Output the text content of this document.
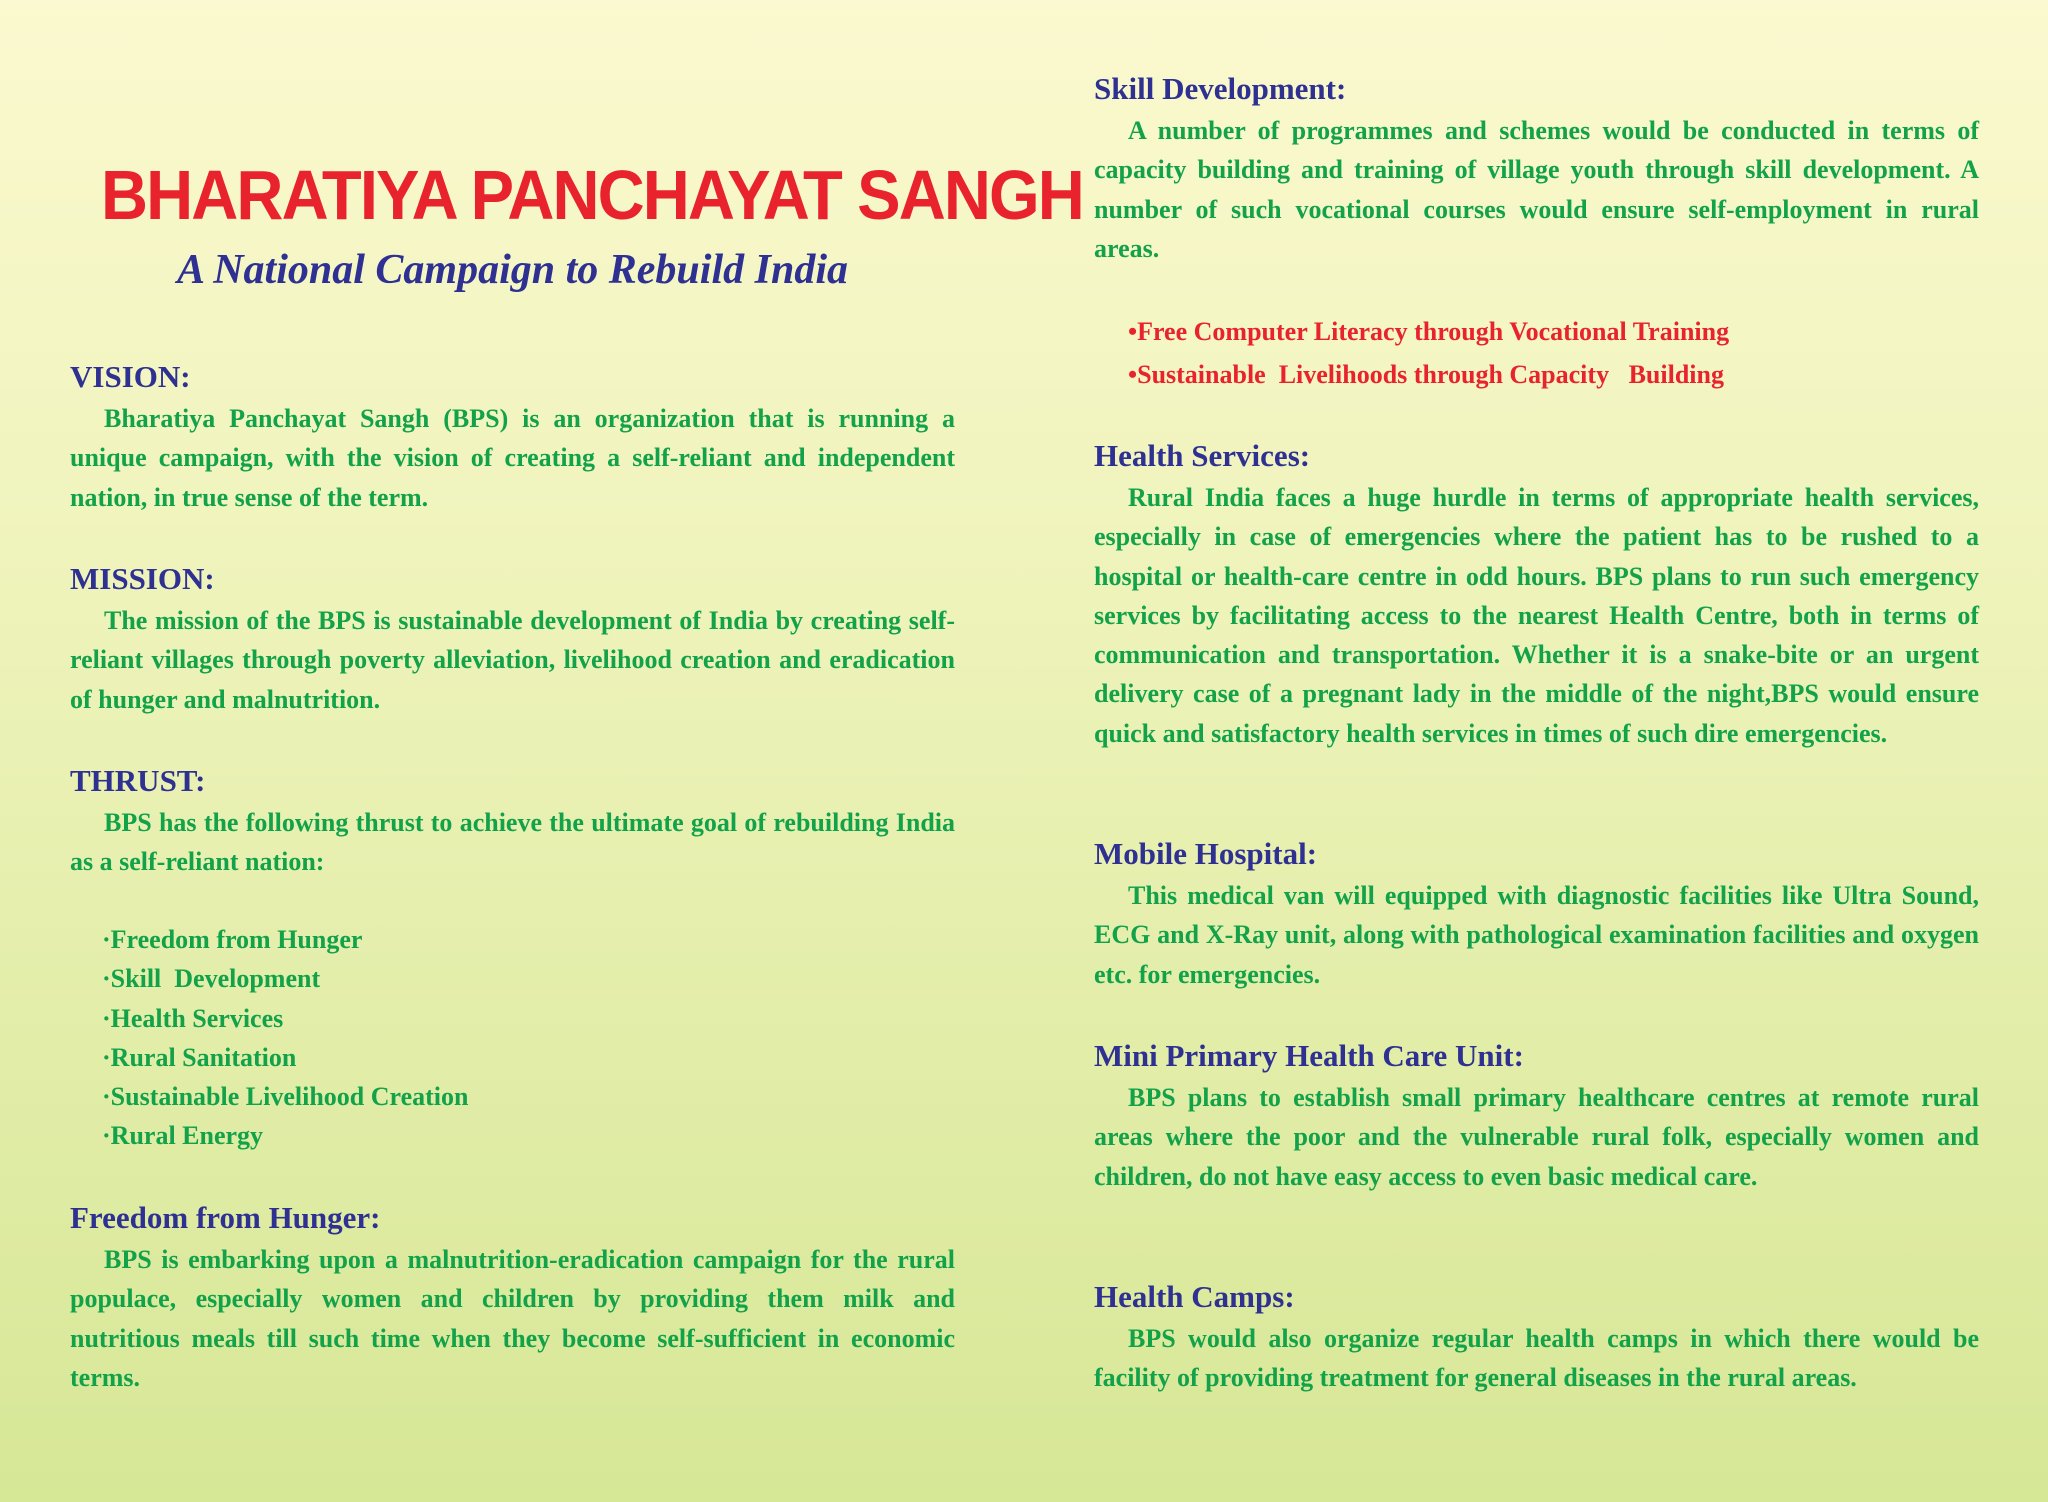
BHARATIYA PANCHAYAT SANGH
A National Campaign to Rebuild India
VISION:

Bharatiya Panchayat Sangh (BPS) is an organization that is running a unique campaign, with the vision of creating a self-reliant and independent nation, in true sense of the term.

MISSION:

The mission of the BPS is sustainable development of India by creating self-reliant villages through poverty alleviation, livelihood creation and eradication of hunger and malnutrition.

THRUST:

BPS has the following thrust to achieve the ultimate goal of rebuilding India as a self-reliant nation:

·Freedom from Hunger
·Skill  Development
·Health Services
·Rural Sanitation
·Sustainable Livelihood Creation
·Rural Energy
Freedom from Hunger:

BPS is embarking upon a malnutrition-eradication campaign for the rural populace, especially women and children by providing them milk and nutritious meals till such time when they become self-sufficient in economic terms.

Skill Development:

A number of programmes and schemes would be conducted in terms of capacity building and training of village youth through skill development. A number of such vocational courses would ensure self-employment in rural areas.

•Free Computer Literacy through Vocational Training
•Sustainable  Livelihoods through Capacity   Building
Health Services:

Rural India faces a huge hurdle in terms of appropriate health services, especially in case of emergencies where the patient has to be rushed to a hospital or health-care centre in odd hours. BPS plans to run such emergency services by facilitating access to the nearest Health Centre, both in terms of communication and transportation. Whether it is a snake-bite or an urgent delivery case of a pregnant lady in the middle of the night,BPS would ensure quick and satisfactory health services in times of such dire emergencies.

Mobile Hospital:

This medical van will equipped with diagnostic facilities like Ultra Sound, ECG and X-Ray unit, along with pathological examination facilities and oxygen etc. for emergencies.

Mini Primary Health Care Unit:

BPS plans to establish small primary healthcare centres at remote rural areas where the poor and the vulnerable rural folk, especially women and children, do not have easy access to even basic medical care.

Health Camps:

BPS would also organize regular health camps in which there would be facility of providing treatment for general diseases in the rural areas.
